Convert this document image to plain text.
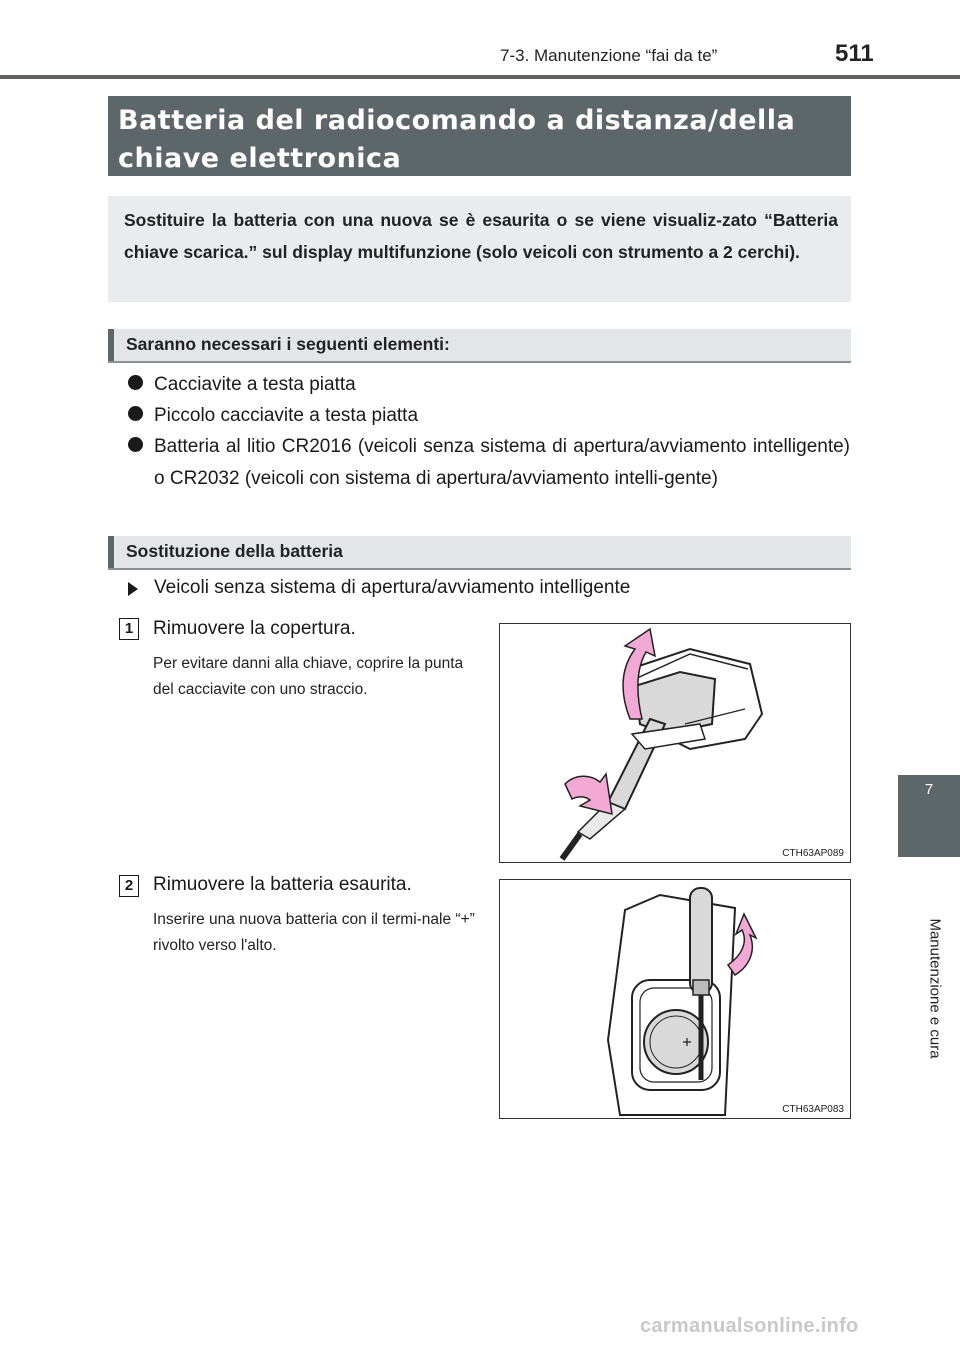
7-3. Manutenzione “fai da te”	511
Batteria del radiocomando a distanza/della chiave elettronica
Sostituire la batteria con una nuova se è esaurita o se viene visualiz-zato “Batteria chiave scarica.” sul display multifunzione (solo veicoli con strumento a 2 cerchi).
Saranno necessari i seguenti elementi:
Cacciavite a testa piatta
Piccolo cacciavite a testa piatta
Batteria al litio CR2016 (veicoli senza sistema di apertura/avviamento intelligente) o CR2032 (veicoli con sistema di apertura/avviamento intelli-gente)
Sostituzione della batteria
Veicoli senza sistema di apertura/avviamento intelligente
1	Rimuovere la copertura.
Per evitare danni alla chiave, coprire la punta del cacciavite con uno straccio.
CTH63AP089
2	Rimuovere la batteria esaurita.
Inserire una nuova batteria con il termi-nale “+” rivolto verso l'alto.
CTH63AP083
7
Manutenzione e cura
carmanualsonline.info
